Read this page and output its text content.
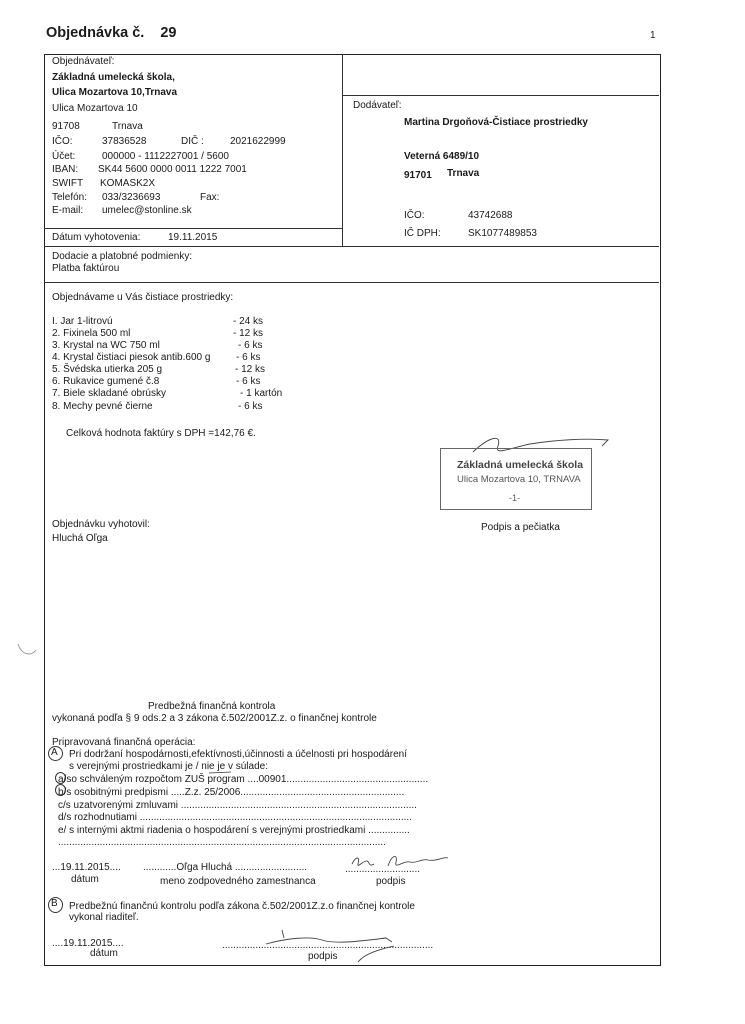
Objednávka č. 29	1
Objednávateľ:
Základná umelecká škola,
Ulica Mozartova 10,Trnava
Ulica Mozartova 10
91708	Trnava
IČO:	37836528	DIČ :	2021622999
Účet:	000000 - 1112227001 / 5600
IBAN: SK44 5600 0000 0011 1222 7001
SWIFT KOMASK2X
Telefón: 033/3236693	Fax:
E-mail: umelec@stonline.sk
Dátum vyhotovenia:	19.11.2015
Dodávateľ:
Martina Drgoňová-Čistiace prostriedky
Veterná 6489/10
91701 Trnava
IČO:	43742688
IČ DPH:	SK1077489853
Dodacie a platobné podmienky:
Platba faktúrou
Objednávame u Vás čistiace prostriedky:
I. Jar 1-litrovú	- 24 ks
2. Fixinela 500 ml	- 12 ks
3. Krystal na WC 750 ml	- 6 ks
4. Krystal čistiaci piesok antib.600 g	- 6 ks
5. Švédska utierka 205 g	- 12 ks
6. Rukavice gumené č.8	- 6 ks
7. Biele skladané obrúsky	- 1 kartón
8. Mechy pevné čierne	- 6 ks
Celková hodnota faktúry s DPH =142,76 €.
Základná umelecká škola
Ulica Mozartova 10, TRNAVA
-1-
Podpis a pečiatka
Objednávku vyhotovil:
Hluchá Oľga
Predbežná finančná kontrola
vykonaná podľa § 9 ods.2 a 3 zákona č.502/2001Z.z. o finančnej kontrole
Pripravovaná finančná operácia:
A Pri dodržaní hospodárnosti,efektívnosti,účinnosti a účelnosti pri hospodárení
s verejnými prostriedkami je / nie je v súlade:
a/so schváleným rozpočtom ZUŠ program ....00901...................................................
b/s osobitnými predpismi .....Z.z. 25/2006...........................................................
c/s uzatvorenými zmluvami .....................................................................................
d/s rozhodnutiami ..................................................................................................
e/ s internými aktmi riadenia o hospodárení s verejnými prostriedkami ...............
......................................................................................................................
...19.11.2015.... ............Oľga Hluchá ..........................	...........................
dátum	meno zodpovedného zamestnanca	podpis
B Predbežnú finančnú kontrolu podľa zákona č.502/2001Z.z.o finančnej kontrole
vykonal riaditeľ.
....19.11.2015....	............................................................................
dátum	podpis
